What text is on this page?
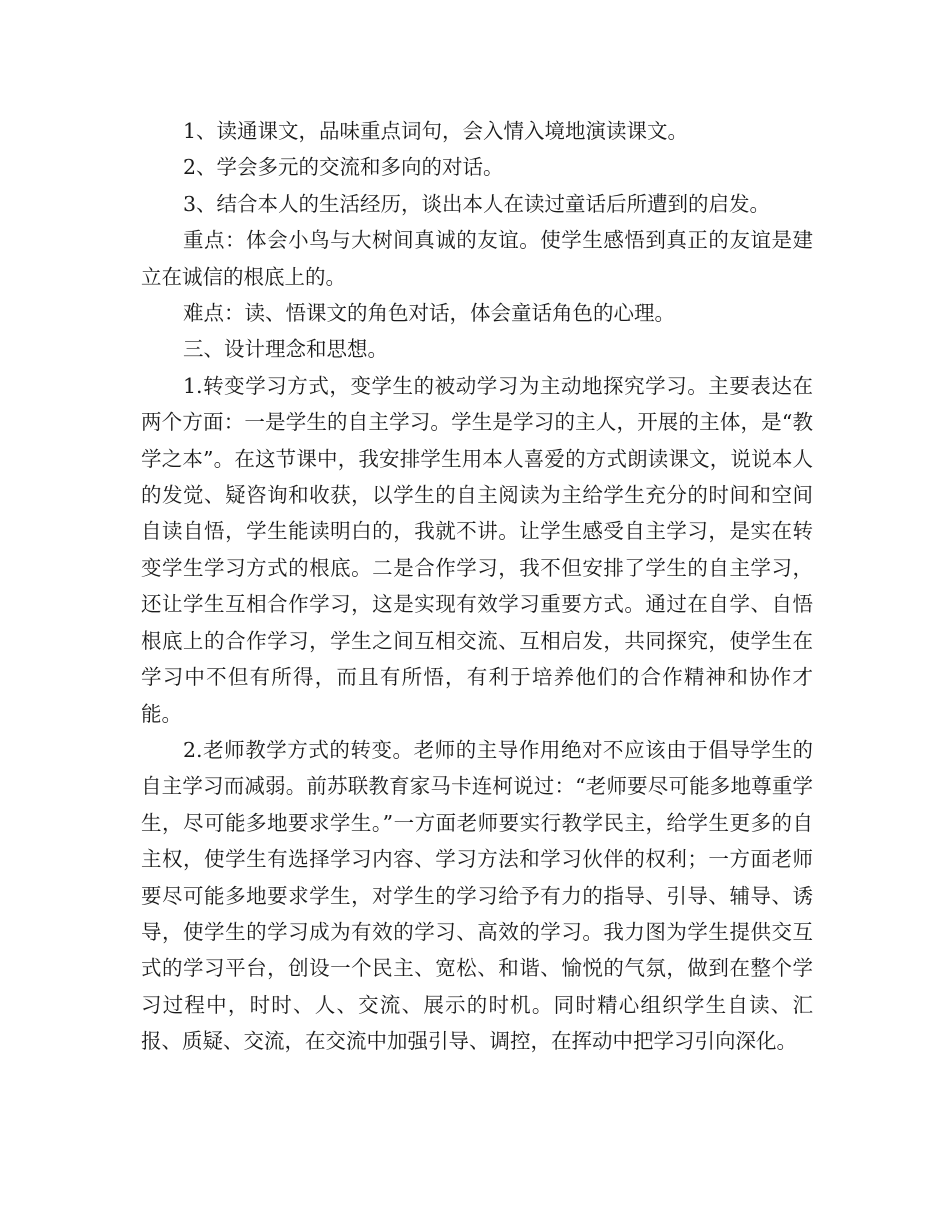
1、读通课文，品味重点词句，会入情入境地演读课文。

2、学会多元的交流和多向的对话。

3、结合本人的生活经历，谈出本人在读过童话后所遭到的启发。

重点：体会小鸟与大树间真诚的友谊。使学生感悟到真正的友谊是建立在诚信的根底上的。

难点：读、悟课文的角色对话，体会童话角色的心理。

三、设计理念和思想。

1.转变学习方式，变学生的被动学习为主动地探究学习。主要表达在两个方面：一是学生的自主学习。学生是学习的主人，开展的主体，是“教学之本”。在这节课中，我安排学生用本人喜爱的方式朗读课文，说说本人的发觉、疑咨询和收获，以学生的自主阅读为主给学生充分的时间和空间自读自悟，学生能读明白的，我就不讲。让学生感受自主学习，是实在转变学生学习方式的根底。二是合作学习，我不但安排了学生的自主学习，还让学生互相合作学习，这是实现有效学习重要方式。通过在自学、自悟根底上的合作学习，学生之间互相交流、互相启发，共同探究，使学生在学习中不但有所得，而且有所悟，有利于培养他们的合作精神和协作才能。

2.老师教学方式的转变。老师的主导作用绝对不应该由于倡导学生的自主学习而减弱。前苏联教育家马卡连柯说过：“老师要尽可能多地尊重学生，尽可能多地要求学生。”一方面老师要实行教学民主，给学生更多的自主权，使学生有选择学习内容、学习方法和学习伙伴的权利；一方面老师要尽可能多地要求学生，对学生的学习给予有力的指导、引导、辅导、诱导，使学生的学习成为有效的学习、高效的学习。我力图为学生提供交互式的学习平台，创设一个民主、宽松、和谐、愉悦的气氛，做到在整个学习过程中，时时、人、交流、展示的时机。同时精心组织学生自读、汇报、质疑、交流，在交流中加强引导、调控，在挥动中把学习引向深化。
